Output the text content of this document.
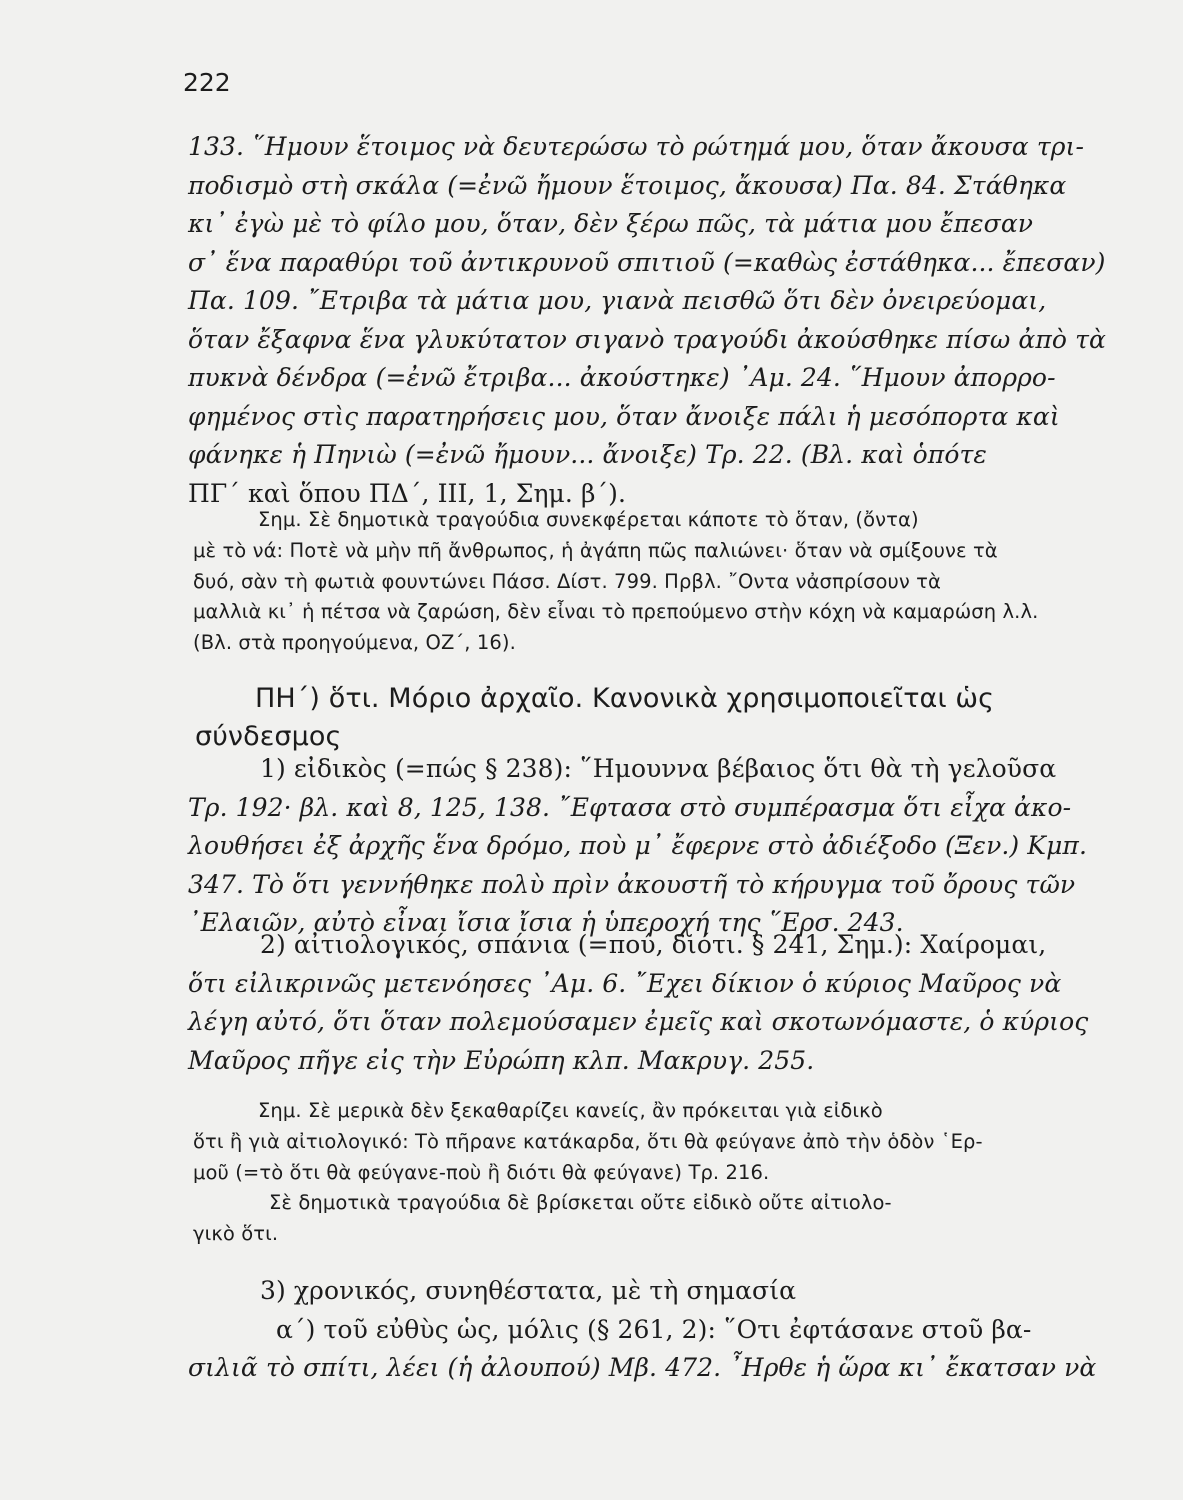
222
133. ῞Ημουν ἕτοιμος νὰ δευτερώσω τὸ ρώτημά μου, ὅταν ἄκουσα τρι-
ποδισμὸ στὴ σκάλα (=ἐνῶ ἤμουν ἕτοιμος, ἄκουσα) Πα. 84. Στάθηκα
κι᾿ ἐγὼ μὲ τὸ φίλο μου, ὅταν, δὲν ξέρω πῶς, τὰ μάτια μου ἔπεσαν
σ᾿ ἕνα παραθύρι τοῦ ἀντικρυνοῦ σπιτιοῦ (=καθὼς ἐστάθηκα... ἔπεσαν)
Πα. 109. ῎Ετριβα τὰ μάτια μου, γιανὰ πεισθῶ ὅτι δὲν ὀνειρεύομαι,
ὅταν ἔξαφνα ἕνα γλυκύτατον σιγανὸ τραγούδι ἀκούσθηκε πίσω ἀπὸ τὰ
πυκνὰ δένδρα (=ἐνῶ ἔτριβα... ἀκούστηκε) ᾿Αμ. 24. ῞Ημουν ἀπορρο-
φημένος στὶς παρατηρήσεις μου, ὅταν ἄνοιξε πάλι ἡ μεσόπορτα καὶ
φάνηκε ἡ Πηνιὼ (=ἐνῶ ἤμουν... ἄνοιξε) Τρ. 22. (Βλ. καὶ ὁπότε
ΠΓ΄ καὶ ὅπου ΠΔ΄, ΙΙΙ, 1, Σημ. β΄).
Σημ. Σὲ δημοτικὰ τραγούδια συνεκφέρεται κάποτε τὸ ὅταν, (ὄντα)
μὲ τὸ νά: Ποτὲ νὰ μὴν πῆ ἄνθρωπος, ἡ ἀγάπη πῶς παλιώνει· ὅταν νὰ σμίξουνε τὰ
δυό, σὰν τὴ φωτιὰ φουντώνει Πάσσ. Δίστ. 799. Πρβλ. ῎Οντα νἀσπρίσουν τὰ
μαλλιὰ κι᾿ ἡ πέτσα νὰ ζαρώση, δὲν εἶναι τὸ πρεπούμενο στὴν κόχη νὰ καμαρώση λ.λ.
(Βλ. στὰ προηγούμενα, ΟΖ΄, 16).
ΠΗ΄) ὅτι. Μόριο ἀρχαῖο. Κανονικὰ χρησιμοποιεῖται ὡς
σύνδεσμος
1) εἰδικὸς (=πώς § 238): ῞Ημουννα βέβαιος ὅτι θὰ τὴ γελοῦσα
Τρ. 192· βλ. καὶ 8, 125, 138. ῎Εφτασα στὸ συμπέρασμα ὅτι εἶχα ἀκο-
λουθήσει ἐξ ἀρχῆς ἕνα δρόμο, ποὺ μ᾿ ἔφερνε στὸ ἀδιέξοδο (Ξεν.) Κμπ.
347. Τὸ ὅτι γεννήθηκε πολὺ πρὶν ἀκουστῆ τὸ κήρυγμα τοῦ ὄρους τῶν
᾿Ελαιῶν, αὐτὸ εἶναι ἴσια ἴσια ἡ ὑπεροχή της ῞Ερσ. 243.
2) αἰτιολογικός, σπάνια (=πού, διότι. § 241, Σημ.): Χαίρομαι,
ὅτι εἰλικρινῶς μετενόησες ᾿Αμ. 6. ῎Εχει δίκιον ὁ κύριος Μαῦρος νὰ
λέγη αὐτό, ὅτι ὅταν πολεμούσαμεν ἐμεῖς καὶ σκοτωνόμαστε, ὁ κύριος
Μαῦρος πῆγε εἰς τὴν Εὐρώπη κλπ. Μακρυγ. 255.
Σημ. Σὲ μερικὰ δὲν ξεκαθαρίζει κανείς, ἂν πρόκειται γιὰ εἰδικὸ
ὅτι ἢ γιὰ αἰτιολογικό: Τὸ πῆρανε κατάκαρδα, ὅτι θὰ φεύγανε ἀπὸ τὴν ὁδὸν ῾Ερ-
μοῦ (=τὸ ὅτι θὰ φεύγανε-ποὺ ἢ διότι θὰ φεύγανε) Τρ. 216.
Σὲ δημοτικὰ τραγούδια δὲ βρίσκεται οὔτε εἰδικὸ οὔτε αἰτιολο-
γικὸ ὅτι.
3) χρονικός, συνηθέστατα, μὲ τὴ σημασία
α΄) τοῦ εὐθὺς ὡς, μόλις (§ 261, 2): ῞Οτι ἐφτάσανε στοῦ βα-
σιλιᾶ τὸ σπίτι, λέει (ἡ ἀλουπού) Μβ. 472. ῏Ηρθε ἡ ὥρα κι᾿ ἔκατσαν νὰ
